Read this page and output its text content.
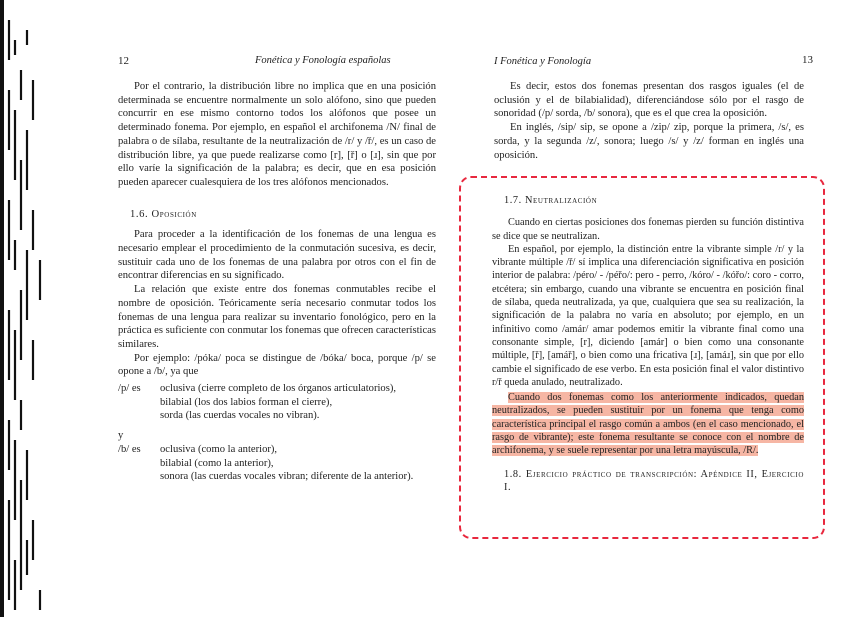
12	Fonética y Fonología españolas

Por el contrario, la distribución libre no implica que en una posición determinada se encuentre normalmente un solo alófono, sino que pueden concurrir en ese mismo contorno todos los alófonos que posee un determinado fonema. Por ejemplo, en español el archifonema /N/ final de palabra o de sílaba, resultante de la neutralización de /r/ y /ř/, es un caso de distribución libre, ya que puede realizarse como [r], [ř] o [ɹ], sin que por ello varíe la significación de la palabra; es decir, que en esa posición pueden aparecer cualesquiera de los tres alófonos mencionados.

1.6. Oposición

Para proceder a la identificación de los fonemas de una lengua es necesario emplear el procedimiento de la conmutación sucesiva, es decir, sustituir cada uno de los fonemas de una palabra por otros con el fin de encontrar diferencias en su significado.

La relación que existe entre dos fonemas conmutables recibe el nombre de oposición. Teóricamente sería necesario conmutar todos los fonemas de una lengua para realizar su inventario fonológico, pero en la práctica es suficiente con conmutar los fonemas que ofrecen características similares.

Por ejemplo: /póka/ poca se distingue de /bóka/ boca, porque /p/ se opone a /b/, ya que

/p/ es	oclusiva (cierre completo de los órganos articulatorios),

bilabial (los dos labios forman el cierre),

sorda (las cuerdas vocales no vibran).

y

/b/ es	oclusiva (como la anterior),

bilabial (como la anterior),

sonora (las cuerdas vocales vibran; diferente de la anterior).

I Fonética y Fonología	13

Es decir, estos dos fonemas presentan dos rasgos iguales (el de oclusión y el de bilabialidad), diferenciándose sólo por el rasgo de sonoridad (/p/ sorda, /b/ sonora), que es el que crea la oposición.

En inglés, /sip/ sip, se opone a /zip/ zip, porque la primera, /s/, es sorda, y la segunda /z/, sonora; luego /s/ y /z/ forman en inglés una oposición.

1.7. Neutralización

Cuando en ciertas posiciones dos fonemas pierden su función distintiva se dice que se neutralizan.

En español, por ejemplo, la distinción entre la vibrante simple /r/ y la vibrante múltiple /ř/ sí implica una diferenciación significativa en posición interior de palabra: /péro/ - /péřo/: pero - perro, /kóro/ - /kóřo/: coro - corro, etcétera; sin embargo, cuando una vibrante se encuentra en posición final de sílaba, queda neutralizada, ya que, cualquiera que sea su realización, la significación de la palabra no varía en absoluto; por ejemplo, en un infinitivo como /amár/ amar podemos emitir la vibrante final como una consonante simple, [r], diciendo [amár] o bien como una consonante múltiple, [ř], [amář], o bien como una fricativa [ɹ], [amáɹ], sin que por ello cambie el significado de ese verbo. En esta posición final el valor distintivo r/ř queda anulado, neutralizado.

Cuando dos fonemas como los anteriormente indicados, quedan neutralizados, se pueden sustituir por un fonema que tenga como característica principal el rasgo común a ambos (en el caso mencionado, el rasgo de vibrante); este fonema resultante se conoce con el nombre de archifonema, y se suele representar por una letra mayúscula, /R/.

1.8. Ejercicio práctico de transcripción: Apéndice II, Ejercicio I.
